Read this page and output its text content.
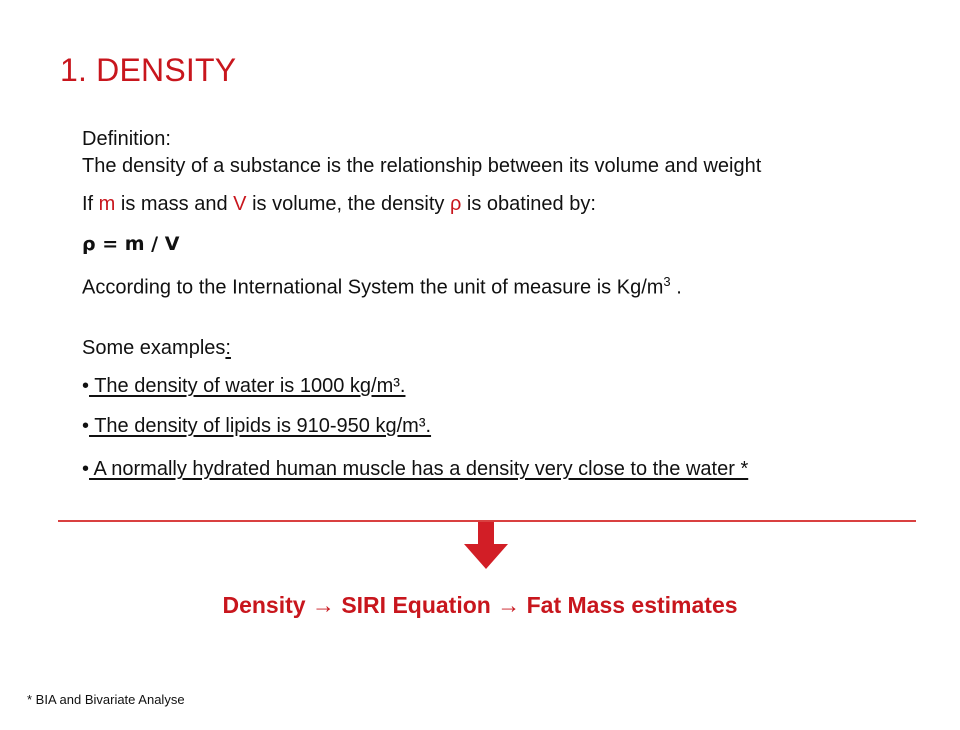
1. DENSITY
Definition:
The density of a substance is the relationship between its volume and weight
If m is mass and V is volume, the density ρ is obatined by:
ρ = m / V
According to the International System the unit of measure is $Kg/m^3$ .
Some examples:
• The density of water is 1000 kg/m³.
• The density of lipids is 910-950 kg/m³.
• A normally hydrated human muscle has a density very close to the water *
Density → SIRI Equation → Fat Mass estimates
* BIA and Bivariate Analyse
